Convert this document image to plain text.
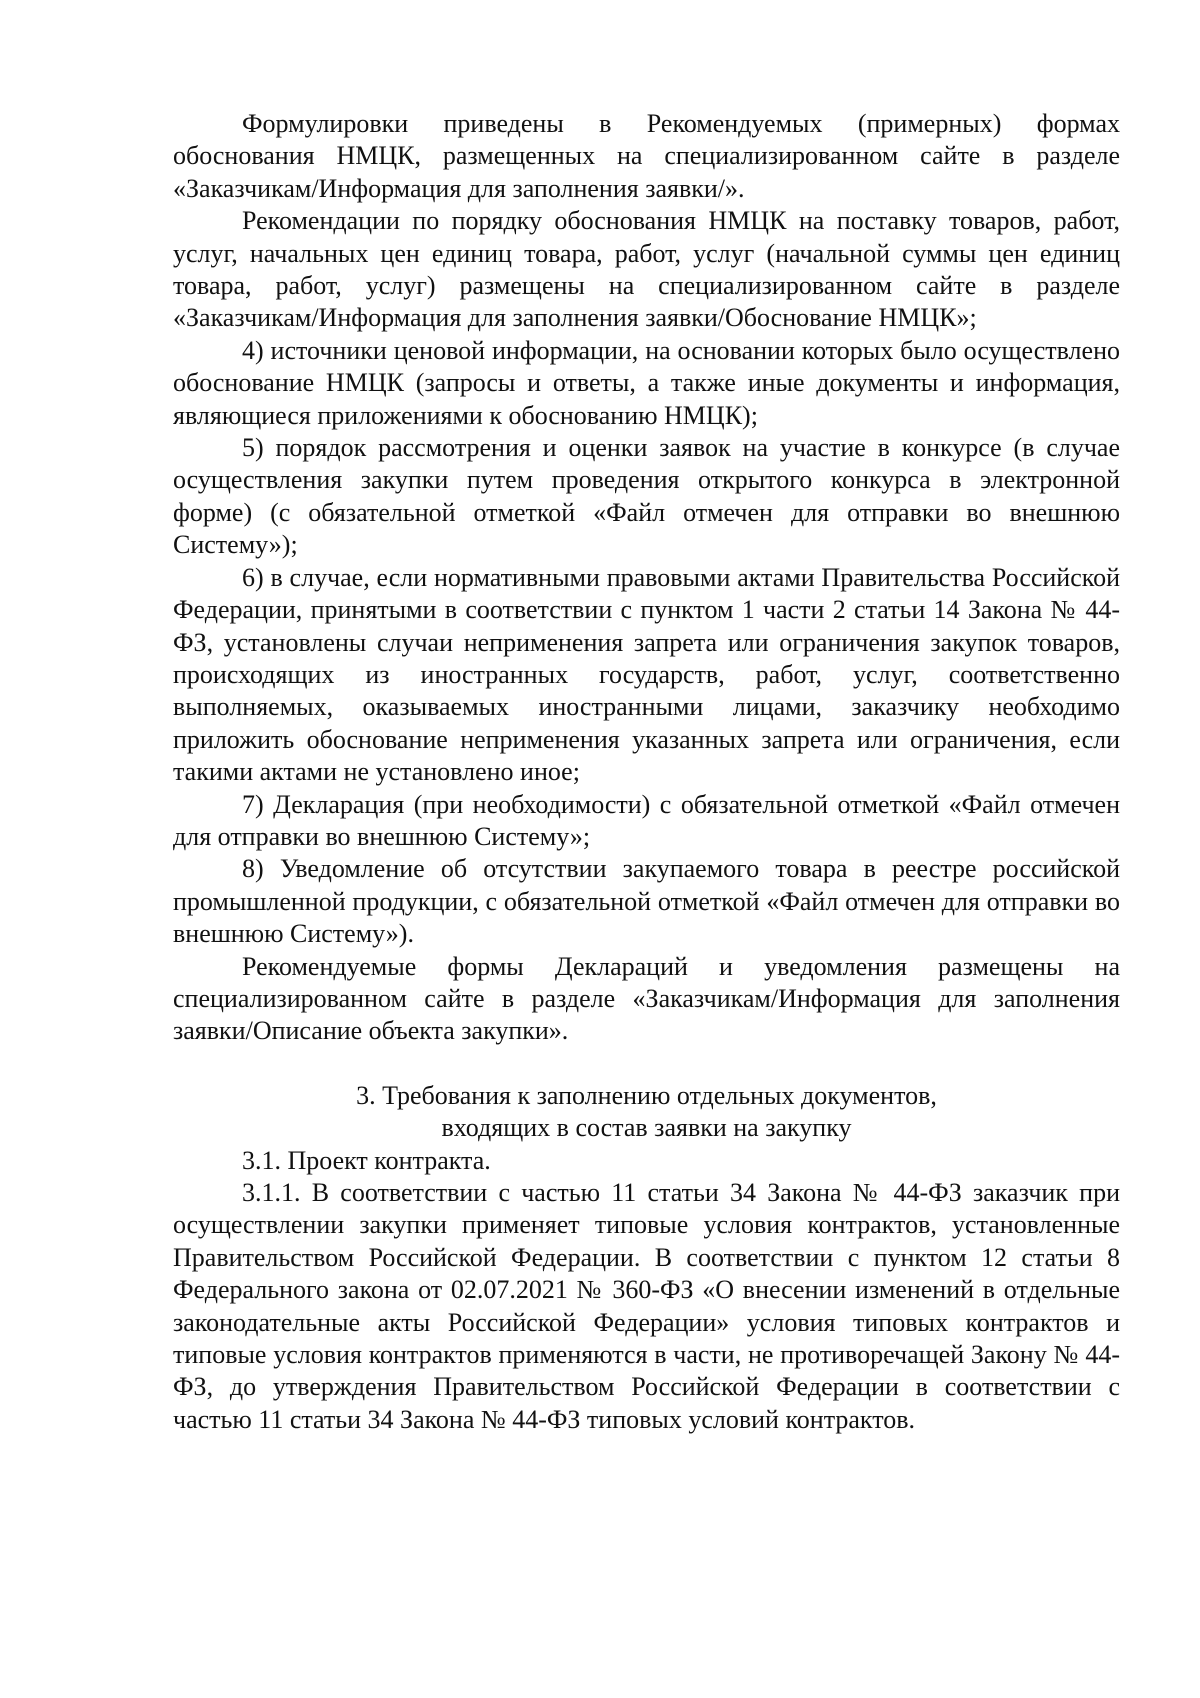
Формулировки приведены в Рекомендуемых (примерных) формах обоснования НМЦК, размещенных на специализированном сайте в разделе «Заказчикам/Информация для заполнения заявки/».

Рекомендации по порядку обоснования НМЦК на поставку товаров, работ, услуг, начальных цен единиц товара, работ, услуг (начальной суммы цен единиц товара, работ, услуг) размещены на специализированном сайте в разделе «Заказчикам/Информация для заполнения заявки/Обоснование НМЦК»;

4) источники ценовой информации, на основании которых было осуществлено обоснование НМЦК (запросы и ответы, а также иные документы и информация, являющиеся приложениями к обоснованию НМЦК);

5) порядок рассмотрения и оценки заявок на участие в конкурсе (в случае осуществления закупки путем проведения открытого конкурса в электронной форме) (с обязательной отметкой «Файл отмечен для отправки во внешнюю Систему»);

6) в случае, если нормативными правовыми актами Правительства Российской Федерации, принятыми в соответствии с пунктом 1 части 2 статьи 14 Закона № 44-ФЗ, установлены случаи неприменения запрета или ограничения закупок товаров, происходящих из иностранных государств, работ, услуг, соответственно выполняемых, оказываемых иностранными лицами, заказчику необходимо приложить обоснование неприменения указанных запрета или ограничения, если такими актами не установлено иное;

7) Декларация (при необходимости) с обязательной отметкой «Файл отмечен для отправки во внешнюю Систему»;

8) Уведомление об отсутствии закупаемого товара в реестре российской промышленной продукции, с обязательной отметкой «Файл отмечен для отправки во внешнюю Систему»).

Рекомендуемые формы Деклараций и уведомления размещены на специализированном сайте в разделе «Заказчикам/Информация для заполнения заявки/Описание объекта закупки».

3. Требования к заполнению отдельных документов,
входящих в состав заявки на закупку

3.1. Проект контракта.

3.1.1. В соответствии с частью 11 статьи 34 Закона № 44-ФЗ заказчик при осуществлении закупки применяет типовые условия контрактов, установленные Правительством Российской Федерации. В соответствии с пунктом 12 статьи 8 Федерального закона от 02.07.2021 № 360-ФЗ «О внесении изменений в отдельные законодательные акты Российской Федерации» условия типовых контрактов и типовые условия контрактов применяются в части, не противоречащей Закону № 44-ФЗ, до утверждения Правительством Российской Федерации в соответствии с частью 11 статьи 34 Закона № 44-ФЗ типовых условий контрактов.
